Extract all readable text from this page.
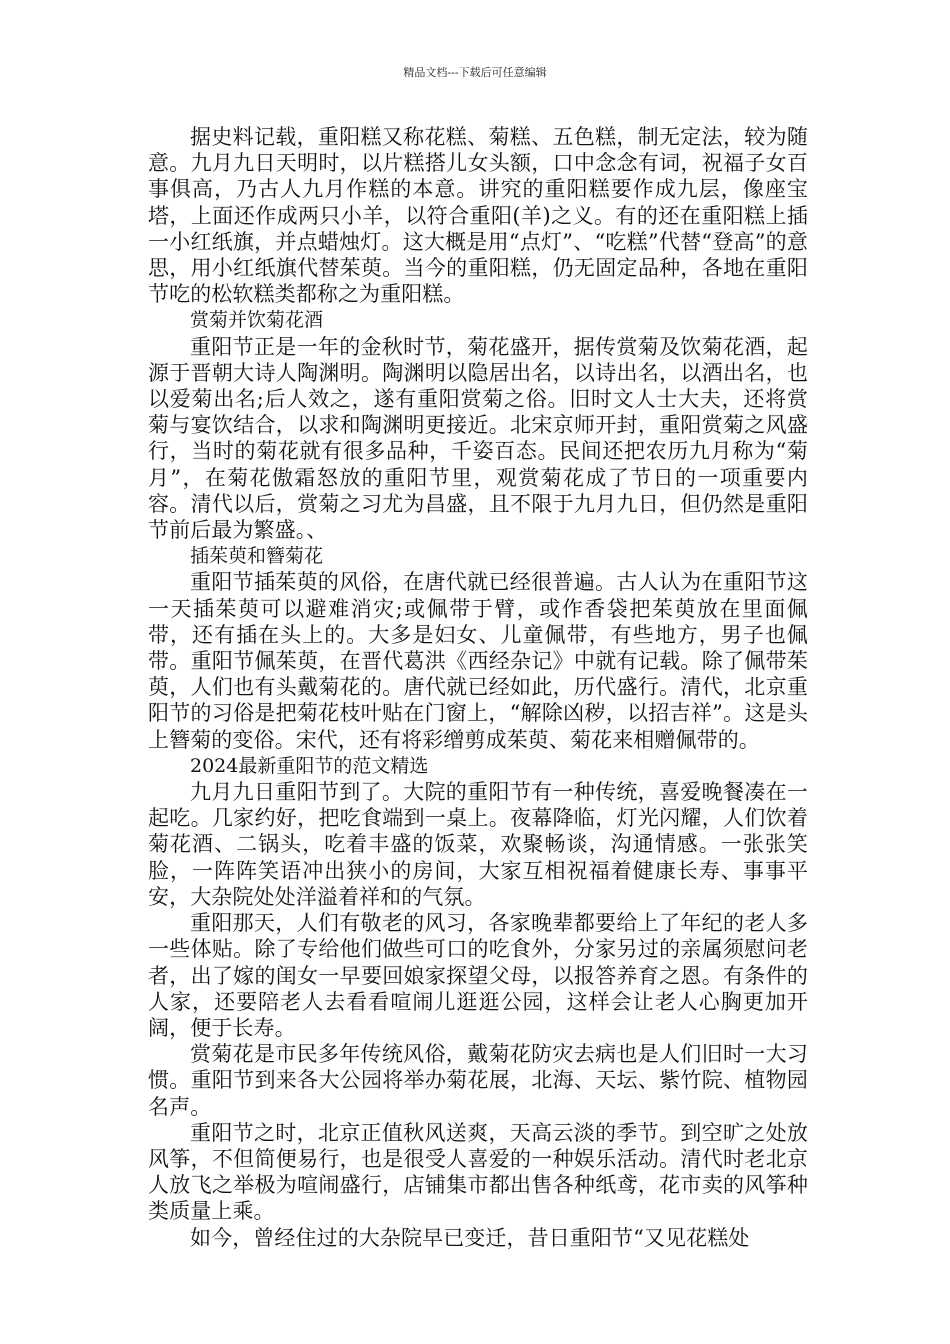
精品文档---下载后可任意编辑

据史料记载，重阳糕又称花糕、菊糕、五色糕，制无定法，较为随意。九月九日天明时，以片糕搭儿女头额，口中念念有词，祝福子女百事俱高，乃古人九月作糕的本意。讲究的重阳糕要作成九层，像座宝塔，上面还作成两只小羊，以符合重阳(羊)之义。有的还在重阳糕上插一小红纸旗，并点蜡烛灯。这大概是用“点灯”、“吃糕”代替“登高”的意思，用小红纸旗代替茱萸。当今的重阳糕，仍无固定品种，各地在重阳节吃的松软糕类都称之为重阳糕。

赏菊并饮菊花酒

重阳节正是一年的金秋时节，菊花盛开，据传赏菊及饮菊花酒，起源于晋朝大诗人陶渊明。陶渊明以隐居出名，以诗出名，以酒出名，也以爱菊出名;后人效之，遂有重阳赏菊之俗。旧时文人士大夫，还将赏菊与宴饮结合，以求和陶渊明更接近。北宋京师开封，重阳赏菊之风盛行，当时的菊花就有很多品种，千姿百态。民间还把农历九月称为“菊月”，在菊花傲霜怒放的重阳节里，观赏菊花成了节日的一项重要内容。清代以后，赏菊之习尤为昌盛，且不限于九月九日，但仍然是重阳节前后最为繁盛。、

插茱萸和簪菊花

重阳节插茱萸的风俗，在唐代就已经很普遍。古人认为在重阳节这一天插茱萸可以避难消灾;或佩带于臂，或作香袋把茱萸放在里面佩带，还有插在头上的。大多是妇女、儿童佩带，有些地方，男子也佩带。重阳节佩茱萸，在晋代葛洪《西经杂记》中就有记载。除了佩带茱萸，人们也有头戴菊花的。唐代就已经如此，历代盛行。清代，北京重阳节的习俗是把菊花枝叶贴在门窗上，“解除凶秽，以招吉祥”。这是头上簪菊的变俗。宋代，还有将彩缯剪成茱萸、菊花来相赠佩带的。

2024最新重阳节的范文精选

九月九日重阳节到了。大院的重阳节有一种传统，喜爱晚餐凑在一起吃。几家约好，把吃食端到一桌上。夜幕降临，灯光闪耀，人们饮着菊花酒、二锅头，吃着丰盛的饭菜，欢聚畅谈，沟通情感。一张张笑脸，一阵阵笑语冲出狭小的房间，大家互相祝福着健康长寿、事事平安，大杂院处处洋溢着祥和的气氛。

重阳那天，人们有敬老的风习，各家晚辈都要给上了年纪的老人多一些体贴。除了专给他们做些可口的吃食外，分家另过的亲属须慰问老者，出了嫁的闺女一早要回娘家探望父母，以报答养育之恩。有条件的人家，还要陪老人去看看喧闹儿逛逛公园，这样会让老人心胸更加开阔，便于长寿。

赏菊花是市民多年传统风俗，戴菊花防灾去病也是人们旧时一大习惯。重阳节到来各大公园将举办菊花展，北海、天坛、紫竹院、植物园名声。

重阳节之时，北京正值秋风送爽，天高云淡的季节。到空旷之处放风筝，不但简便易行，也是很受人喜爱的一种娱乐活动。清代时老北京人放飞之举极为喧闹盛行，店铺集市都出售各种纸鸢，花市卖的风筝种类质量上乘。

如今，曾经住过的大杂院早已变迁，昔日重阳节“又见花糕处
